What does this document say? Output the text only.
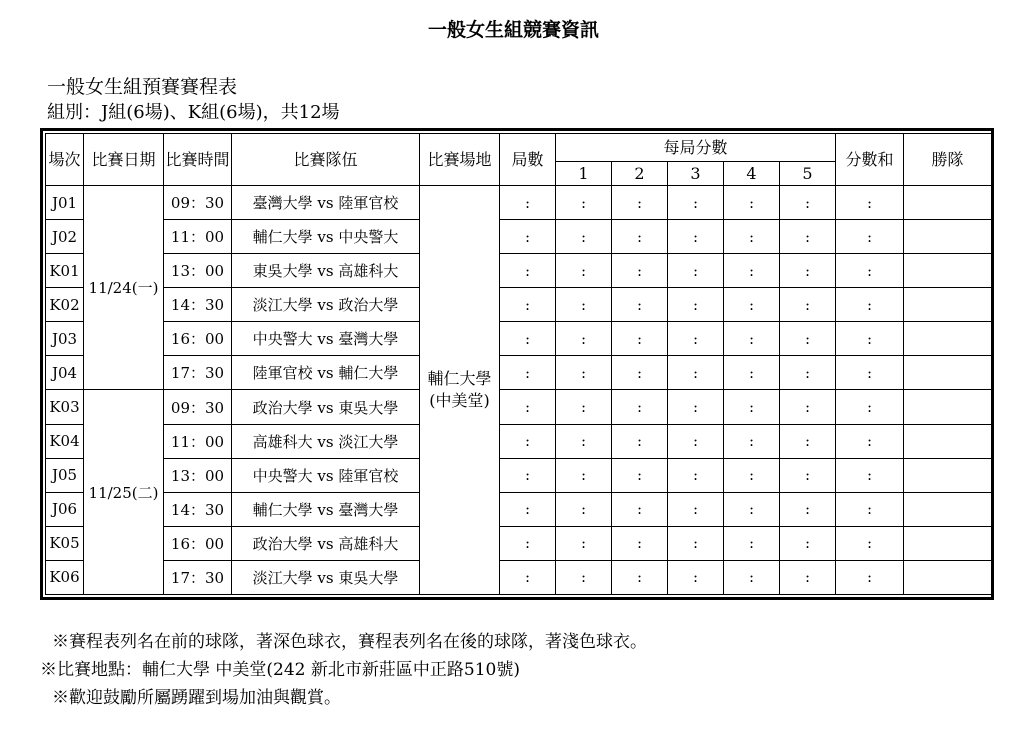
一般女生組競賽資訊
一般女生組預賽賽程表
組別：J組(6場)、K組(6場)，共12場
場次	比賽日期	比賽時間	比賽隊伍	比賽場地	局數	每局分數					分數和	勝隊
						1	2	3	4	5		
J01	11/24(一)	09：30	臺灣大學 vs 陸軍官校	輔仁大學(中美堂)	:	:	:	:	:	:	:	
J02		11：00	輔仁大學 vs 中央警大		:	:	:	:	:	:	:	
K01		13：00	東吳大學 vs 高雄科大		:	:	:	:	:	:	:	
K02		14：30	淡江大學 vs 政治大學		:	:	:	:	:	:	:	
J03		16：00	中央警大 vs 臺灣大學		:	:	:	:	:	:	:	
J04		17：30	陸軍官校 vs 輔仁大學		:	:	:	:	:	:	:	
K03	11/25(二)	09：30	政治大學 vs 東吳大學		:	:	:	:	:	:	:	
K04		11：00	高雄科大 vs 淡江大學		:	:	:	:	:	:	:	
J05		13：00	中央警大 vs 陸軍官校		:	:	:	:	:	:	:	
J06		14：30	輔仁大學 vs 臺灣大學		:	:	:	:	:	:	:	
K05		16：00	政治大學 vs 高雄科大		:	:	:	:	:	:	:	
K06		17：30	淡江大學 vs 東吳大學		:	:	:	:	:	:	:	
※賽程表列名在前的球隊，著深色球衣，賽程表列名在後的球隊，著淺色球衣。
※比賽地點：輔仁大學 中美堂(242 新北市新莊區中正路510號)
※歡迎鼓勵所屬踴躍到場加油與觀賞。
